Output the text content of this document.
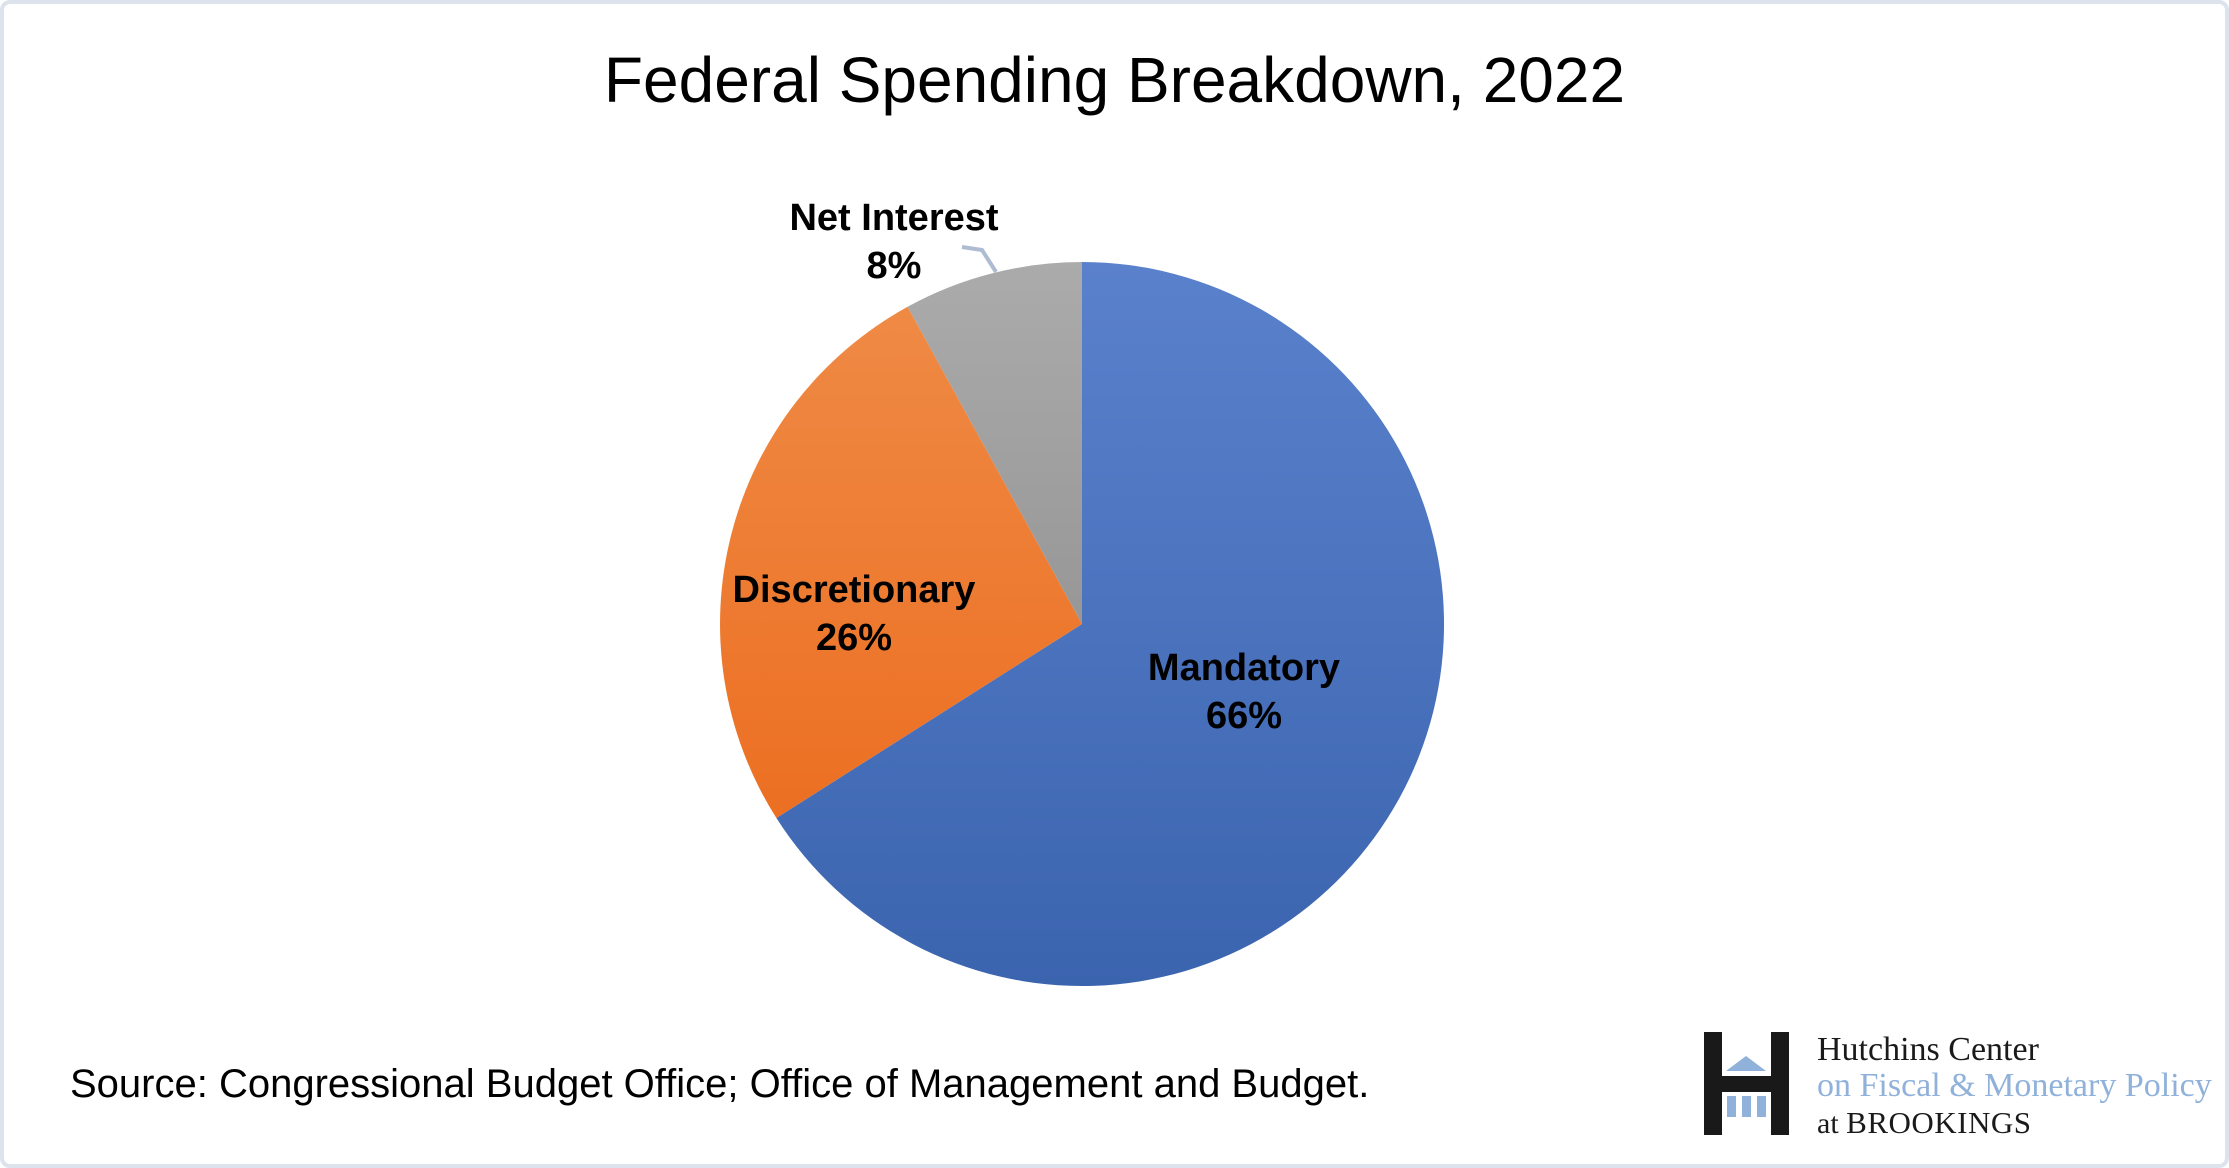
Federal Spending Breakdown, 2022
Net Interest
8%
Discretionary
26%
Mandatory
66%
Source: Congressional Budget Office; Office of Management and Budget.
Hutchins Center
on Fiscal & Monetary Policy
at BROOKINGS
